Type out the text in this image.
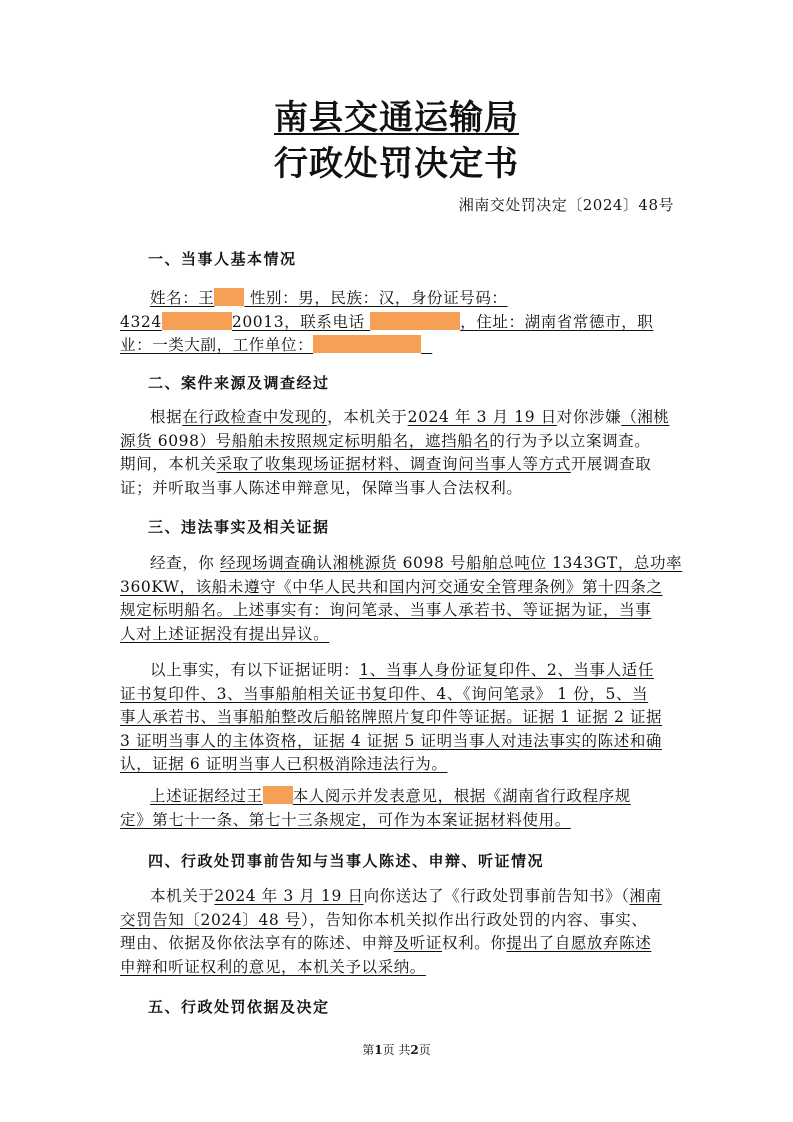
南县交通运输局
行政处罚决定书
湘南交处罚决定〔2024〕48号
一、当事人基本情况
姓名：王 性别：男，民族：汉，身份证号码：
4324	20013，联系电话	，住址：湖南省常德市，职
业：一类大副，工作单位：
二、案件来源及调查经过
根据在行政检查中发现的，本机关于2024 年 3 月 19 日对你涉嫌（湘桃
源货 6098）号船舶未按照规定标明船名，遮挡船名的行为予以立案调查。
期间，本机关采取了收集现场证据材料、调查询问当事人等方式开展调查取
证；并听取当事人陈述申辩意见，保障当事人合法权利。
三、违法事实及相关证据
经查，你 经现场调查确认湘桃源货 6098 号船舶总吨位 1343GT，总功率
360KW，该船未遵守《中华人民共和国内河交通安全管理条例》第十四条之
规定标明船名。上述事实有：询问笔录、当事人承若书、等证据为证，当事
人对上述证据没有提出异议。
以上事实，有以下证据证明：1、当事人身份证复印件、2、当事人适任
证书复印件、3、当事船舶相关证书复印件、4、《询问笔录》 1 份，5、当
事人承若书、当事船舶整改后船铭牌照片复印件等证据。证据 1 证据 2 证据
3 证明当事人的主体资格，证据 4 证据 5 证明当事人对违法事实的陈述和确
认，证据 6 证明当事人已积极消除违法行为。
上述证据经过王 本人阅示并发表意见，根据《湖南省行政程序规
定》第七十一条、第七十三条规定，可作为本案证据材料使用。
四、行政处罚事前告知与当事人陈述、申辩、听证情况
本机关于2024 年 3 月 19 日向你送达了《行政处罚事前告知书》（湘南
交罚告知〔2024〕48 号），告知你本机关拟作出行政处罚的内容、事实、
理由、依据及你依法享有的陈述、申辩及听证权利。你提出了自愿放弃陈述
申辩和听证权利的意见，本机关予以采纳。
五、行政处罚依据及决定
第1页 共2页
